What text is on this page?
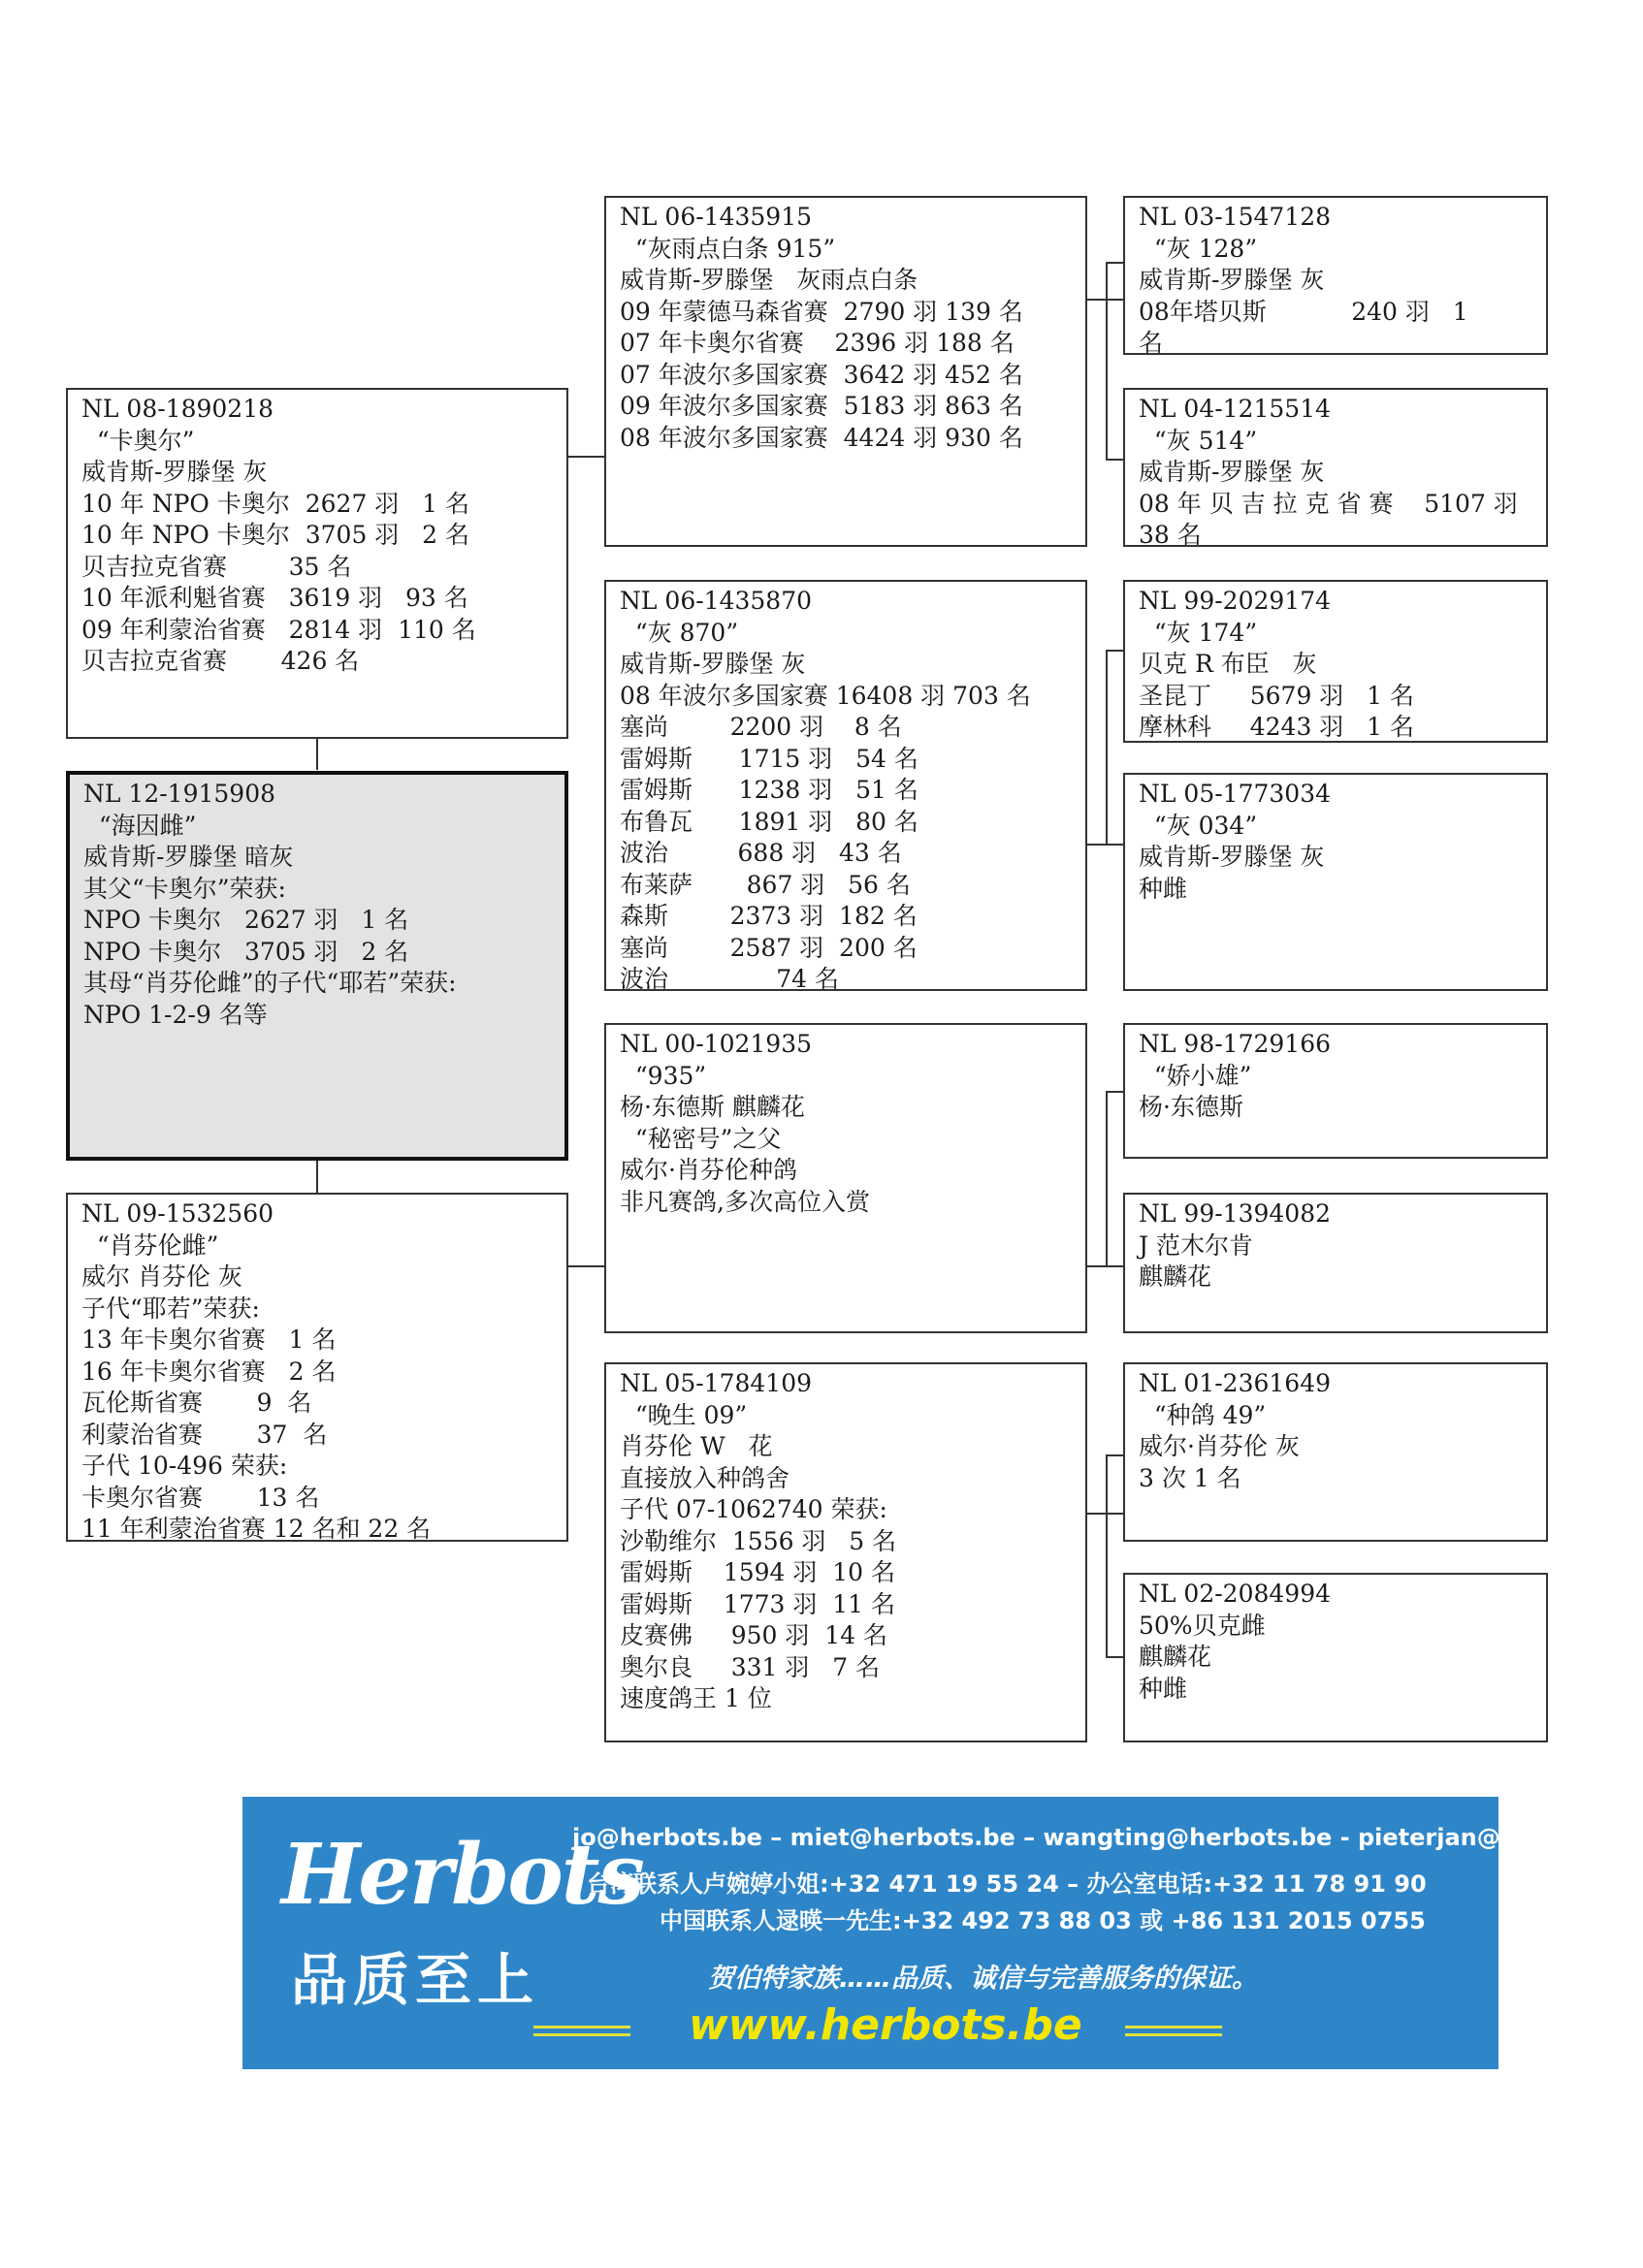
NL 08-1890218
“卡奥尔”
威肯斯-罗滕堡 灰
10 年 NPO 卡奥尔  2627 羽   1 名
10 年 NPO 卡奥尔  3705 羽   2 名
贝吉拉克省赛        35 名
10 年派利魁省赛   3619 羽   93 名
09 年利蒙治省赛   2814 羽  110 名
贝吉拉克省赛       426 名
NL 12-1915908
“海因雌”
威肯斯-罗滕堡 暗灰
其父“卡奥尔”荣获:
NPO 卡奥尔   2627 羽   1 名
NPO 卡奥尔   3705 羽   2 名
其母“肖芬伦雌”的子代“耶若”荣获:
NPO 1-2-9 名等
NL 09-1532560
“肖芬伦雌”
威尔 肖芬伦 灰
子代“耶若”荣获:
13 年卡奥尔省赛   1 名
16 年卡奥尔省赛   2 名
瓦伦斯省赛       9  名
利蒙治省赛       37  名
子代 10-496 荣获:
卡奥尔省赛       13 名
11 年利蒙治省赛 12 名和 22 名
NL 06-1435915
“灰雨点白条 915”
威肯斯-罗滕堡   灰雨点白条
09 年蒙德马森省赛  2790 羽 139 名
07 年卡奥尔省赛    2396 羽 188 名
07 年波尔多国家赛  3642 羽 452 名
09 年波尔多国家赛  5183 羽 863 名
08 年波尔多国家赛  4424 羽 930 名
NL 06-1435870
“灰 870”
威肯斯-罗滕堡 灰
08 年波尔多国家赛 16408 羽 703 名
塞尚        2200 羽    8 名
雷姆斯      1715 羽   54 名
雷姆斯      1238 羽   51 名
布鲁瓦      1891 羽   80 名
波治         688 羽   43 名
布莱萨       867 羽   56 名
森斯        2373 羽  182 名
塞尚        2587 羽  200 名
波治              74 名
NL 00-1021935
“935”
杨·东德斯 麒麟花
“秘密号”之父
威尔·肖芬伦种鸽
非凡赛鸽,多次高位入赏
NL 05-1784109
“晚生 09”
肖芬伦 W   花
直接放入种鸽舍
子代 07-1062740 荣获:
沙勒维尔  1556 羽   5 名
雷姆斯    1594 羽  10 名
雷姆斯    1773 羽  11 名
皮赛佛     950 羽  14 名
奥尔良     331 羽   7 名
速度鸽王 1 位
NL 03-1547128
“灰 128”
威肯斯-罗滕堡 灰
08年塔贝斯           240 羽   1
名
NL 04-1215514
“灰 514”
威肯斯-罗滕堡 灰
08 年 贝 吉 拉 克 省 赛    5107 羽
38 名
NL 99-2029174
“灰 174”
贝克 R 布臣   灰
圣昆丁     5679 羽   1 名
摩林科     4243 羽   1 名
NL 05-1773034
“灰 034”
威肯斯-罗滕堡 灰
种雌
NL 98-1729166
“娇小雄”
杨·东德斯
NL 99-1394082
J 范木尔肯
麒麟花
NL 01-2361649
“种鸽 49”
威尔·肖芬伦 灰
3 次 1 名
NL 02-2084994
50%贝克雌
麒麟花
种雌
Herbots
品质至上
jo@herbots.be – miet@herbots.be – wangting@herbots.be - pieterjan@herbots.be
台湾联系人卢婉婷小姐:+32 471 19 55 24 – 办公室电话:+32 11 78 91 90
中国联系人逯暎一先生:+32 492 73 88 03 或 +86 131 2015 0755
贺伯特家族……品质、诚信与完善服务的保证。
www.herbots.be
